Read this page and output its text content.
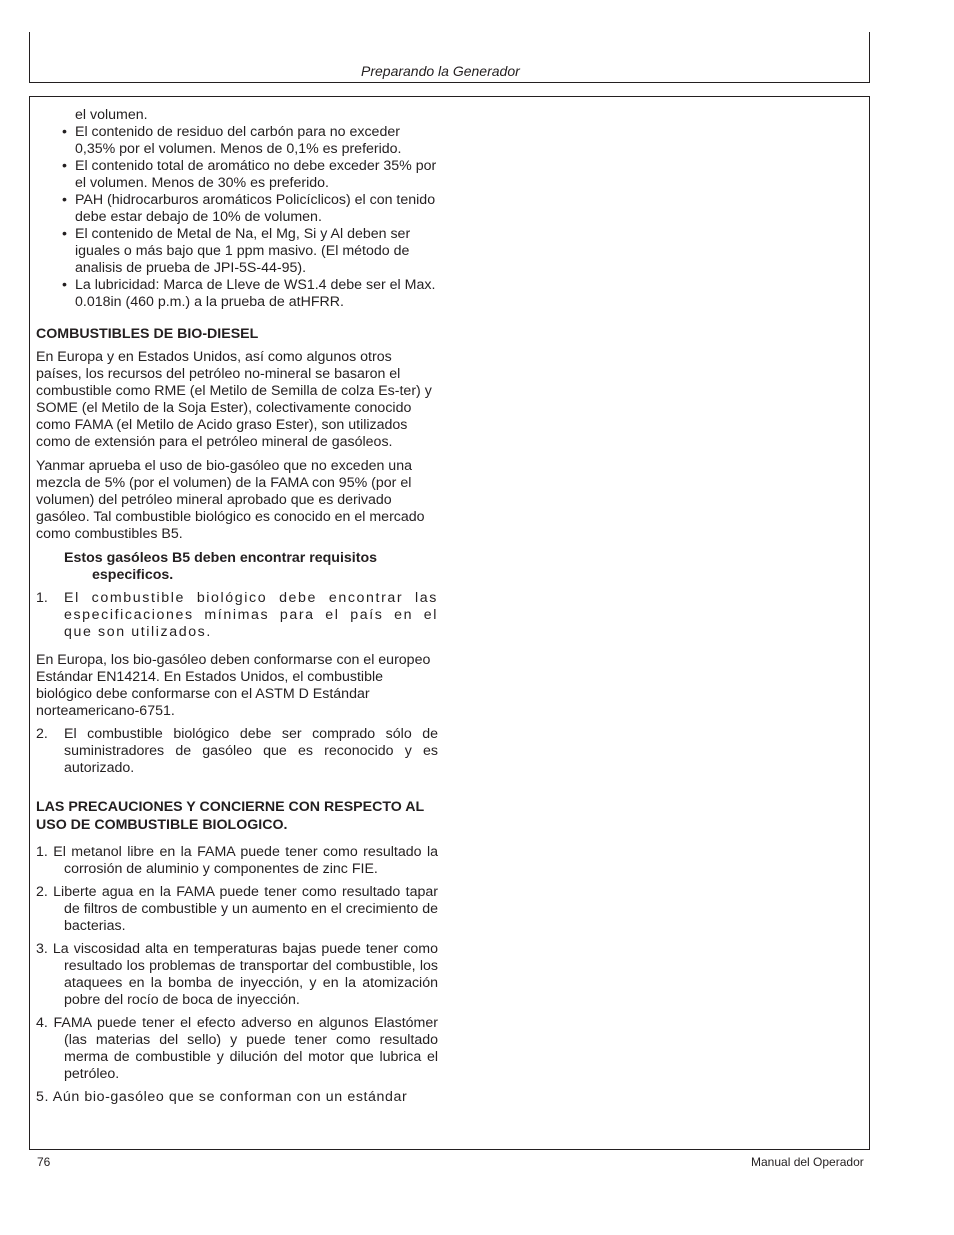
Preparando la Generador

el volumen.

• El contenido de residuo del carbón para no exceder 0,35% por el volumen. Menos de 0,1% es preferido.
• El contenido total de aromático no debe exceder 35% por el volumen. Menos de 30% es preferido.
• PAH (hidrocarburos aromáticos Policíclicos) el con tenido debe estar debajo de 10% de volumen.
• El contenido de Metal de Na, el Mg, Si y Al deben ser iguales o más bajo que 1 ppm masivo. (El método de analisis de prueba de JPI-5S-44-95).
• La lubricidad: Marca de Lleve de WS1.4 debe ser el Max. 0.018in (460 p.m.) a la prueba de atHFRR.

COMBUSTIBLES DE BIO-DIESEL

En Europa y en Estados Unidos, así como algunos otros países, los recursos del petróleo no-mineral se basaron el combustible como RME (el Metilo de Semilla de colza Es-ter) y SOME (el Metilo de la Soja Ester), colectivamente conocido como FAMA (el Metilo de Acido graso Ester), son utilizados como de extensión para el petróleo mineral de gasóleos.

Yanmar aprueba el uso de bio-gasóleo que no exceden una mezcla de 5% (por el volumen) de la FAMA con 95% (por el volumen) del petróleo mineral aprobado que es derivado gasóleo. Tal combustible biológico es conocido en el mercado como combustibles B5.

Estos gasóleos B5 deben encontrar requisitos
especificos.
1. El combustible biológico debe encontrar las especificaciones mínimas para el país en el que son utilizados.

En Europa, los bio-gasóleo deben conformarse con el europeo Estándar EN14214. En Estados Unidos, el combustible biológico debe conformarse con el ASTM D Estándar norteamericano-6751.

2. El combustible biológico debe ser comprado sólo de suministradores de gasóleo que es reconocido y es autorizado.

LAS PRECAUCIONES Y CONCIERNE CON RESPECTO AL USO DE COMBUSTIBLE BIOLOGICO.

1. El metanol libre en la FAMA puede tener como resultado la corrosión de aluminio y componentes de zinc FIE.
2. Liberte agua en la FAMA puede tener como resultado tapar de filtros de combustible y un aumento en el crecimiento de bacterias.
3. La viscosidad alta en temperaturas bajas puede tener como resultado los problemas de transportar del combustible, los ataquees en la bomba de inyección, y en la atomización pobre del rocío de boca de inyección.
4. FAMA puede tener el efecto adverso en algunos Elastómer (las materias del sello) y puede tener como resultado merma de combustible y dilución del motor que lubrica el petróleo.
5. Aún bio-gasóleo que se conforman con un estándar
76	Manual del Operador
